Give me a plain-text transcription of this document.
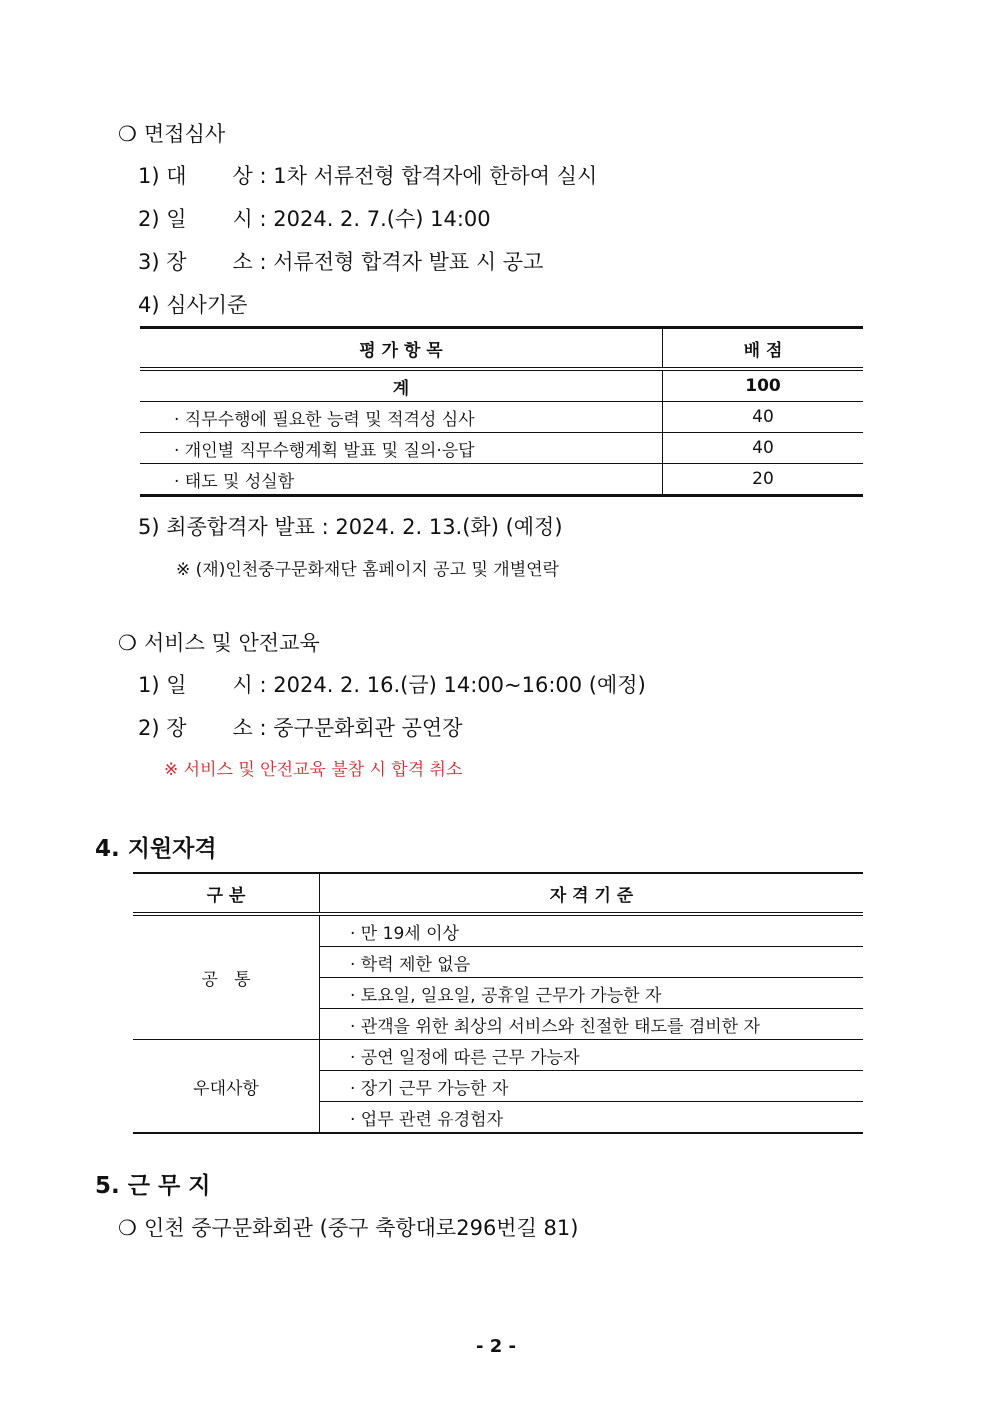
❍ 면접심사
1) 대 상 : 1차 서류전형 합격자에 한하여 실시
2) 일 시 : 2024. 2. 7.(수) 14:00
3) 장 소 : 서류전형 합격자 발표 시 공고
4) 심사기준
평 가 항 목	배 점
계	100
· 직무수행에 필요한 능력 및 적격성 심사	40
· 개인별 직무수행계획 발표 및 질의·응답	40
· 태도 및 성실함	20
5) 최종합격자 발표 : 2024. 2. 13.(화) (예정)
※ (재)인천중구문화재단 홈페이지 공고 및 개별연락
❍ 서비스 및 안전교육
1) 일 시 : 2024. 2. 16.(금) 14:00~16:00 (예정)
2) 장 소 : 중구문화회관 공연장
※ 서비스 및 안전교육 불참 시 합격 취소
4. 지원자격
구 분	자 격 기 준
공   통	· 만 19세 이상
	· 학력 제한 없음
	· 토요일, 일요일, 공휴일 근무가 가능한 자
	· 관객을 위한 최상의 서비스와 친절한 태도를 겸비한 자
우대사항	· 공연 일정에 따른 근무 가능자
	· 장기 근무 가능한 자
	· 업무 관련 유경험자
5. 근 무 지
❍ 인천 중구문화회관 (중구 축항대로296번길 81)
- 2 -
